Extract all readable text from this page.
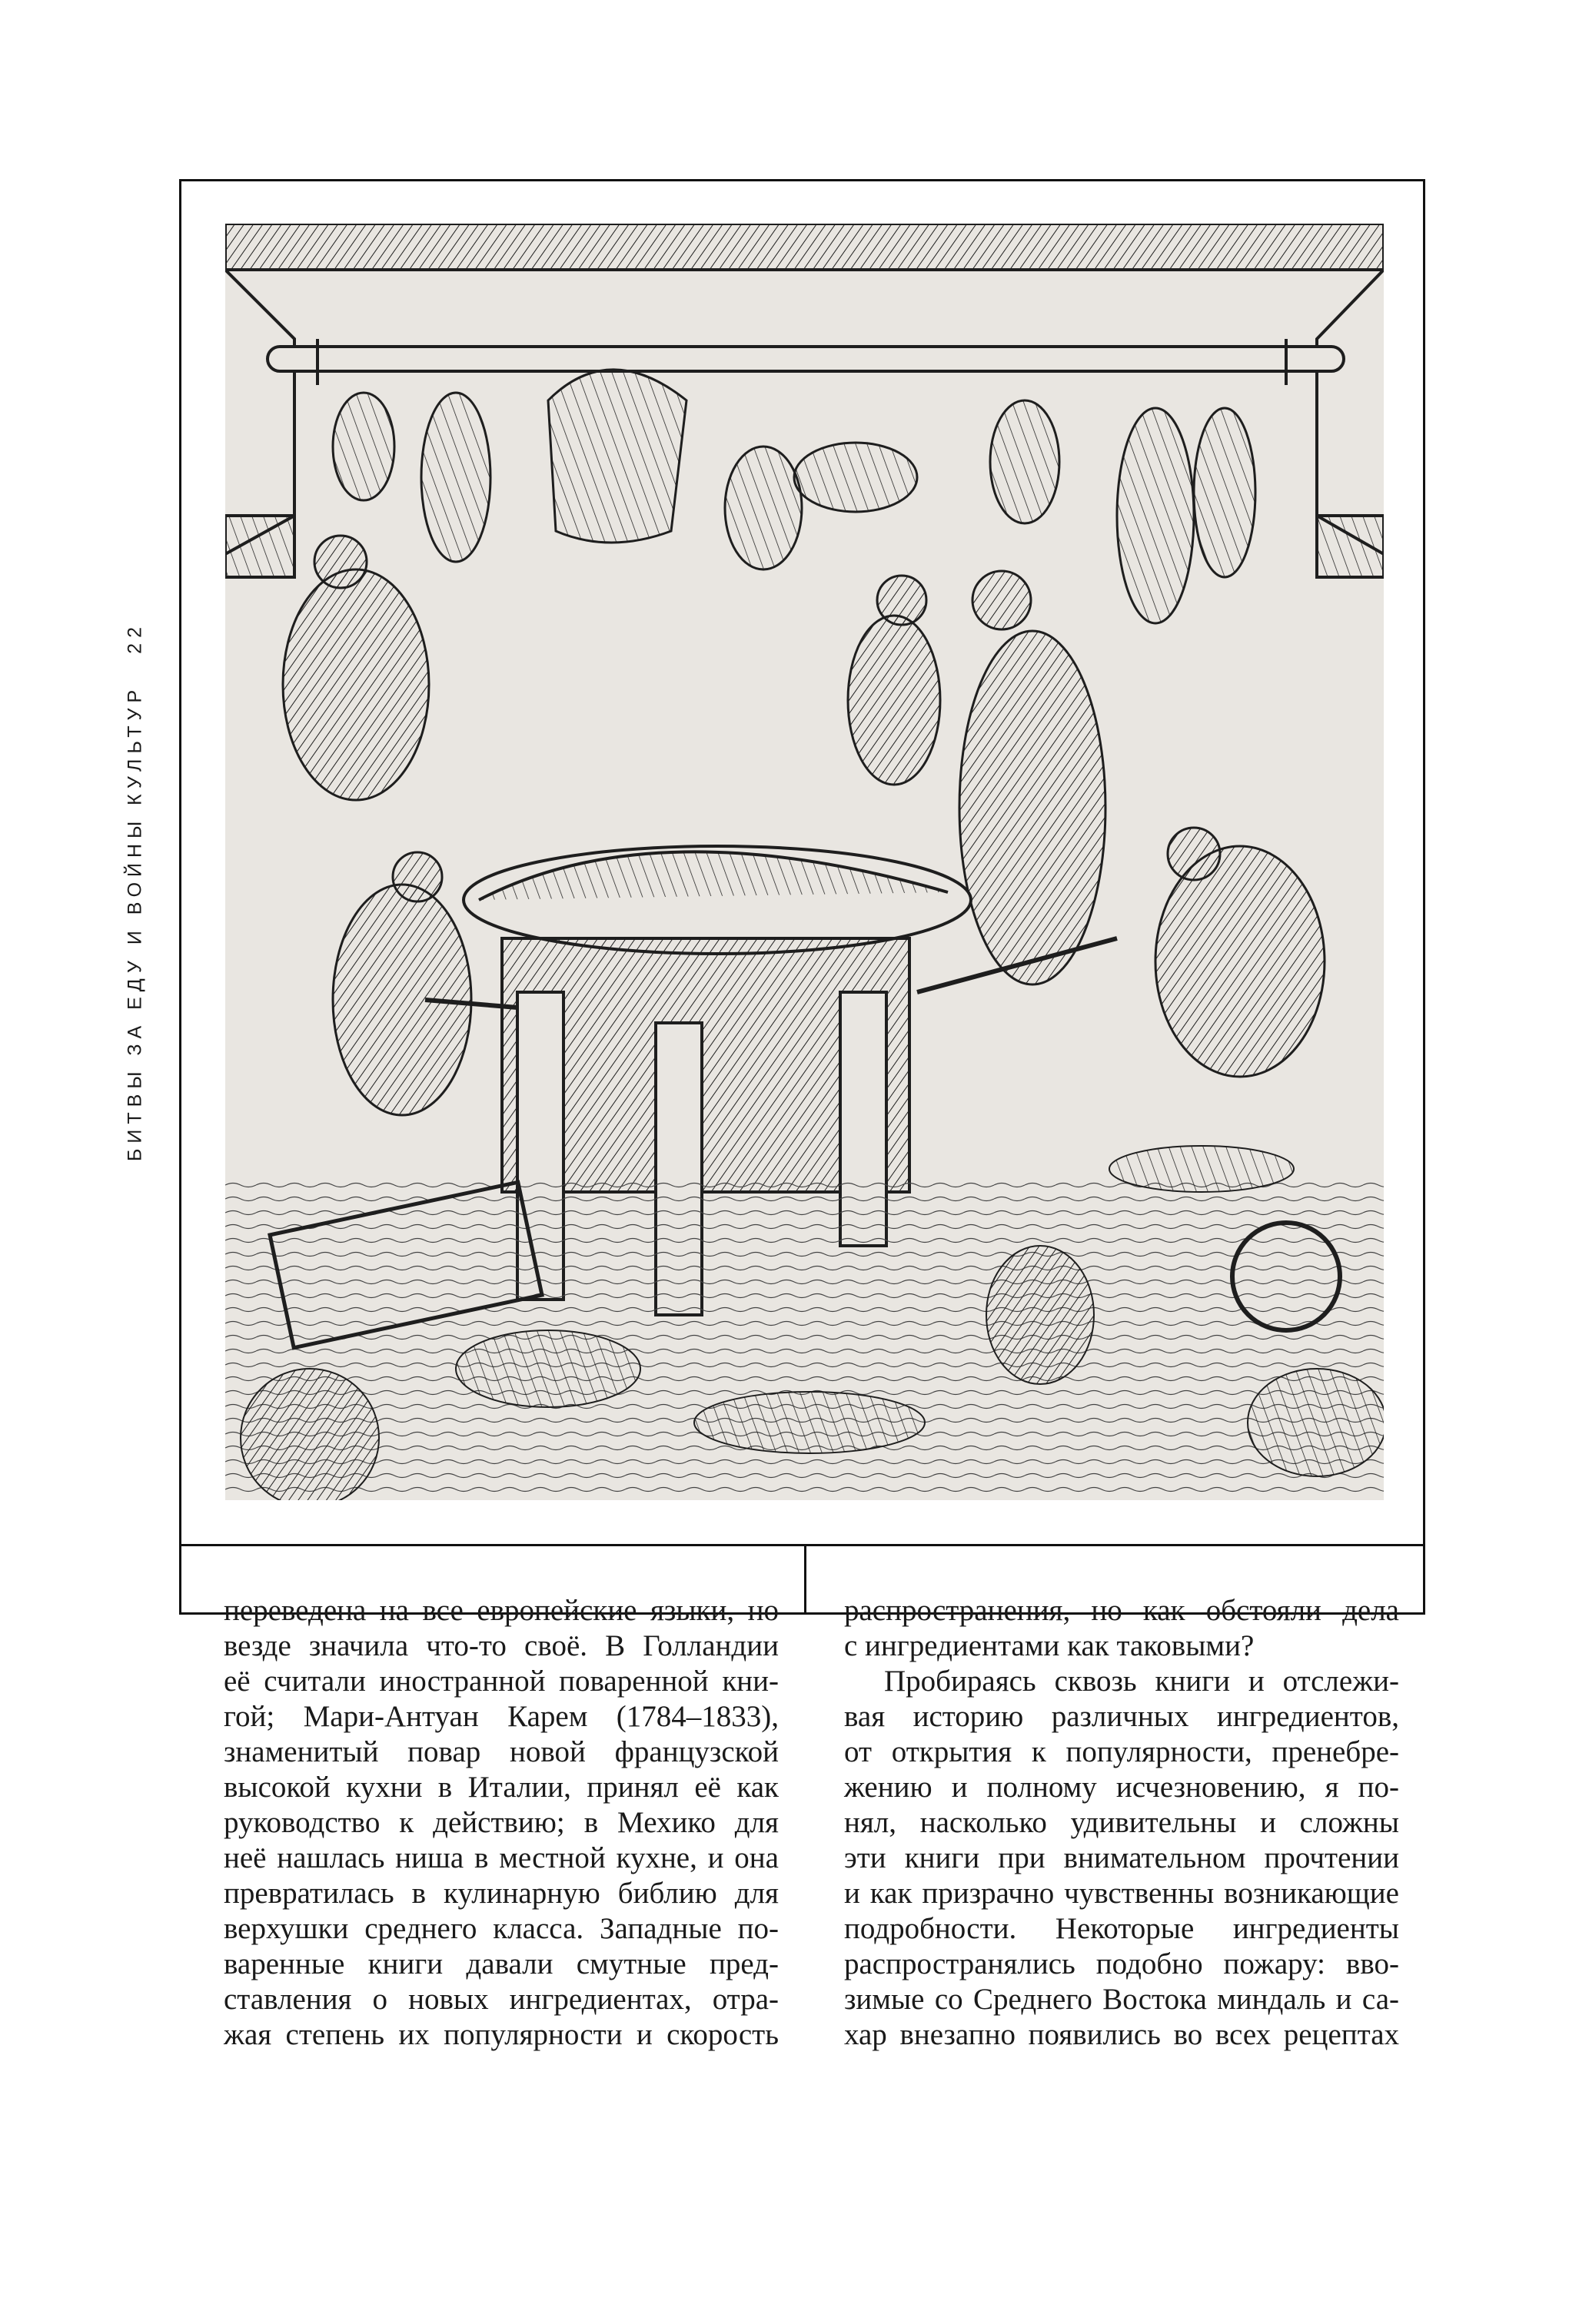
БИТВЫ ЗА ЕДУ И ВОЙНЫ КУЛЬТУР22

переведена на все европейские языки, но
везде значила что-то своё. В Голландии
её считали иностранной поваренной кни-
гой; Мари-Антуан Карем (1784–1833),
знаменитый повар новой французской
высокой кухни в Италии, принял её как
руководство к действию; в Мехико для
неё нашлась ниша в местной кухне, и она
превратилась в кулинарную библию для
верхушки среднего класса. Западные по-
варенные книги давали смутные пред-
ставления о новых ингредиентах, отра-
жая степень их популярности и скорость

распространения, но как обстояли дела
с ингредиентами как таковыми?

Пробираясь сквозь книги и отслежи-
вая историю различных ингредиентов,
от открытия к популярности, пренебре-
жению и полному исчезновению, я по-
нял, насколько удивительны и сложны
эти книги при внимательном прочтении
и как призрачно чувственны возникающие
подробности. Некоторые ингредиенты
распространялись подобно пожару: вво-
зимые со Среднего Востока миндаль и са-
хар внезапно появились во всех рецептах
